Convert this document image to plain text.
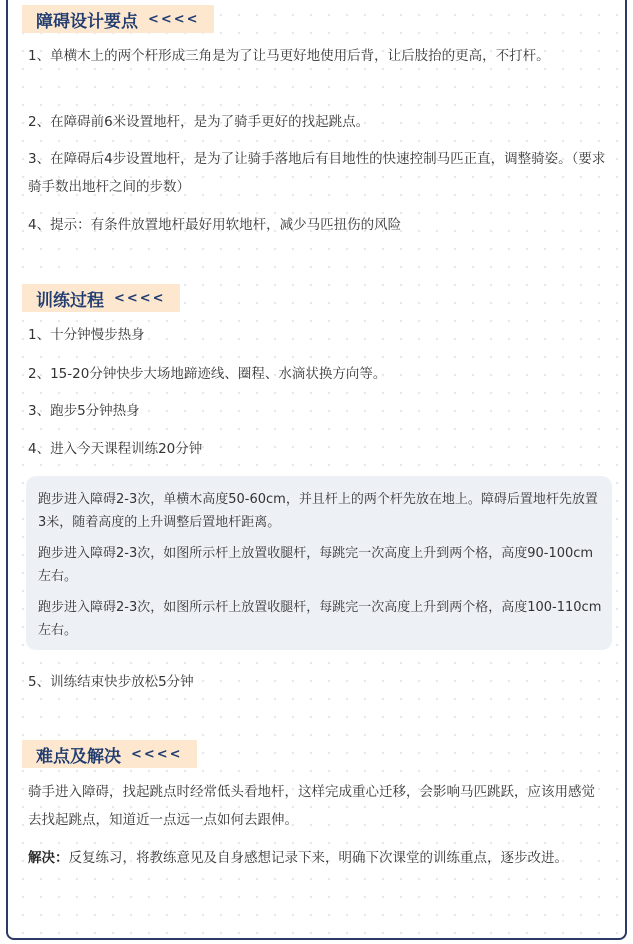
障碍设计要点 <<<<

1、单横木上的两个杆形成三角是为了让马更好地使用后背，让后肢抬的更高，不打杆。

2、在障碍前6米设置地杆，是为了骑手更好的找起跳点。

3、在障碍后4步设置地杆，是为了让骑手落地后有目地性的快速控制马匹正直，调整骑姿。（要求骑手数出地杆之间的步数）

4、提示：有条件放置地杆最好用软地杆，减少马匹扭伤的风险

训练过程 <<<<

1、十分钟慢步热身

2、15-20分钟快步大场地蹄迹线、圈程、水滴状换方向等。

3、跑步5分钟热身

4、进入今天课程训练20分钟

跑步进入障碍2-3次，单横木高度50-60cm，并且杆上的两个杆先放在地上。障碍后置地杆先放置3米，随着高度的上升调整后置地杆距离。

跑步进入障碍2-3次，如图所示杆上放置收腿杆，每跳完一次高度上升到两个格，高度90-100cm左右。

跑步进入障碍2-3次，如图所示杆上放置收腿杆，每跳完一次高度上升到两个格，高度100-110cm左右。

5、训练结束快步放松5分钟

难点及解决 <<<<

骑手进入障碍，找起跳点时经常低头看地杆，这样完成重心迁移，会影响马匹跳跃，应该用感觉去找起跳点，知道近一点远一点如何去跟伸。

解决：反复练习，将教练意见及自身感想记录下来，明确下次课堂的训练重点，逐步改进。
